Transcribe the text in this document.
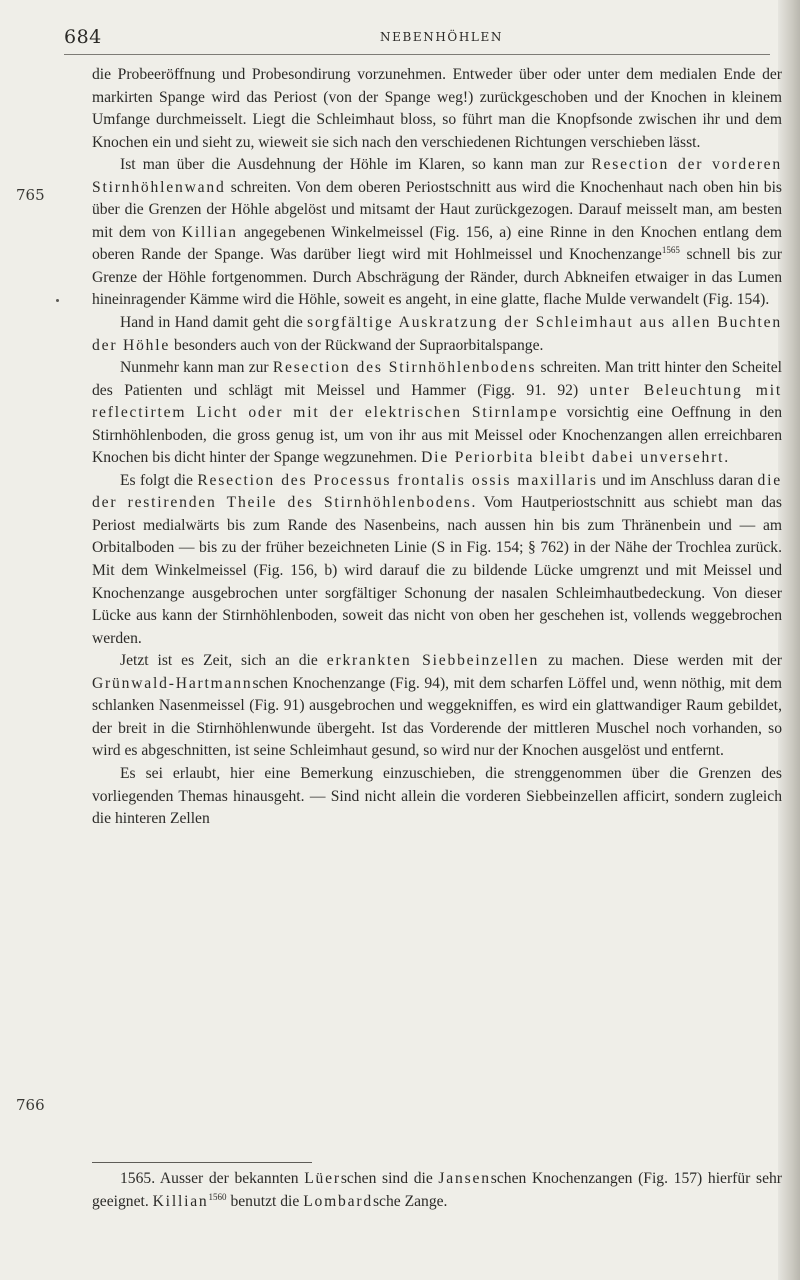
684	NEBENHÖHLEN
765
766

die Probeeröffnung und Probesondirung vorzunehmen. Entweder über oder unter dem medialen Ende der markirten Spange wird das Periost (von der Spange weg!) zurückgeschoben und der Knochen in kleinem Umfange durchmeisselt. Liegt die Schleimhaut bloss, so führt man die Knopfsonde zwischen ihr und dem Knochen ein und sieht zu, wieweit sie sich nach den verschiedenen Richtungen verschieben lässt.

Ist man über die Ausdehnung der Höhle im Klaren, so kann man zur Resection der vorderen Stirnhöhlenwand schreiten. Von dem oberen Periostschnitt aus wird die Knochenhaut nach oben hin bis über die Grenzen der Höhle abgelöst und mitsamt der Haut zurückgezogen. Darauf meisselt man, am besten mit dem von Killian angegebenen Winkelmeissel (Fig. 156, a) eine Rinne in den Knochen entlang dem oberen Rande der Spange. Was darüber liegt wird mit Hohlmeissel und Knochenzange$^{1565}$ schnell bis zur Grenze der Höhle fortgenommen. Durch Abschrägung der Ränder, durch Abkneifen etwaiger in das Lumen hineinragender Kämme wird die Höhle, soweit es angeht, in eine glatte, flache Mulde verwandelt (Fig. 154).

Hand in Hand damit geht die sorgfältige Auskratzung der Schleimhaut aus allen Buchten der Höhle besonders auch von der Rückwand der Supraorbitalspange.

Nunmehr kann man zur Resection des Stirnhöhlenbodens schreiten. Man tritt hinter den Scheitel des Patienten und schlägt mit Meissel und Hammer (Figg. 91. 92) unter Beleuchtung mit reflectirtem Licht oder mit der elektrischen Stirnlampe vorsichtig eine Oeffnung in den Stirnhöhlenboden, die gross genug ist, um von ihr aus mit Meissel oder Knochenzangen allen erreichbaren Knochen bis dicht hinter der Spange wegzunehmen. Die Periorbita bleibt dabei unversehrt.

Es folgt die Resection des Processus frontalis ossis maxillaris und im Anschluss daran die der restirenden Theile des Stirnhöhlenbodens. Vom Hautperiostschnitt aus schiebt man das Periost medialwärts bis zum Rande des Nasenbeins, nach aussen hin bis zum Thränenbein und — am Orbitalboden — bis zu der früher bezeichneten Linie (S in Fig. 154; § 762) in der Nähe der Trochlea zurück. Mit dem Winkelmeissel (Fig. 156, b) wird darauf die zu bildende Lücke umgrenzt und mit Meissel und Knochenzange ausgebrochen unter sorgfältiger Schonung der nasalen Schleimhautbedeckung. Von dieser Lücke aus kann der Stirnhöhlenboden, soweit das nicht von oben her geschehen ist, vollends weggebrochen werden.

Jetzt ist es Zeit, sich an die erkrankten Siebbeinzellen zu machen. Diese werden mit der Grünwald-Hartmannschen Knochenzange (Fig. 94), mit dem scharfen Löffel und, wenn nöthig, mit dem schlanken Nasenmeissel (Fig. 91) ausgebrochen und weggekniffen, es wird ein glattwandiger Raum gebildet, der breit in die Stirnhöhlenwunde übergeht. Ist das Vorderende der mittleren Muschel noch vorhanden, so wird es abgeschnitten, ist seine Schleimhaut gesund, so wird nur der Knochen ausgelöst und entfernt.

Es sei erlaubt, hier eine Bemerkung einzuschieben, die strenggenommen über die Grenzen des vorliegenden Themas hinausgeht. — Sind nicht allein die vorderen Siebbeinzellen afficirt, sondern zugleich die hinteren Zellen

1565. Ausser der bekannten Lüerschen sind die Jansenschen Knochenzangen (Fig. 157) hierfür sehr geeignet. Killian$^{1560}$ benutzt die Lombardsche Zange.
